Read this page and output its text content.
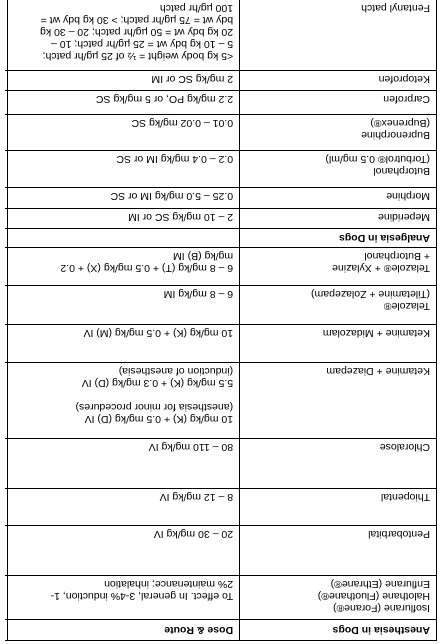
Anesthesia in Dogs	Dose & Route	

Isoflurane (Forane®)
Halothane (Fluothane®)
Enflurane (Ethrane®)	To effect. In general, 3-4% induction, 1-
2% maintenance; inhalation	

Pentobarbital	20 – 30 mg/kg IV	
Thiopental	8 – 12 mg/kg IV	
Chloralose	80 – 110 mg/kg IV	
Ketamine + Diazepam	10 mg/kg (K) + 0.5 mg/kg (D) IV
(anesthesia for minor procedures)
5.5 mg/kg (K) + 0.3 mg/kg (D) IV
(induction of anesthesia)	

Ketamine + Midazolam	10 mg/kg (K) + 0.5 mg/kg (M) IV	

Telazole®
(Tiletamine + Zolazepam)	6 – 8 mg/kg IM	

Telazole® + Xylazine
+ Butorphanol	6 – 8 mg/kg (T) + 0.5 mg/kg (X) + 0.2
mg/kg (B) IM	

Analgesia in Dogs		
Meperidine	2 – 10 mg/kg SC or IM	
Morphine	0.25 – 5.0 mg/kg IM or SC	

Butorphanol
(Torbutrol® 0.5 mg/ml)	0.2 – 0.4 mg/kg IM or SC	

Buprenorphine
(Buprenex®)	0.01 – 0.02 mg/kg SC	
Carprofen	2.2 mg/kg PO, or 5 mg/kg SC	
Ketoprofen	2 mg/kg SC or IM	
Fentanyl patch	<5 kg body weight = ½ of 25 µg/hr patch;
5 – 10 kg bdy wt = 25 µg/hr patch; 10 –
20 kg bdy wt = 50 µg/hr patch; 20 – 30 kg
bdy wt = 75 µg/hr patch; > 30 kg bdy wt =
100 µg/hr patch	
